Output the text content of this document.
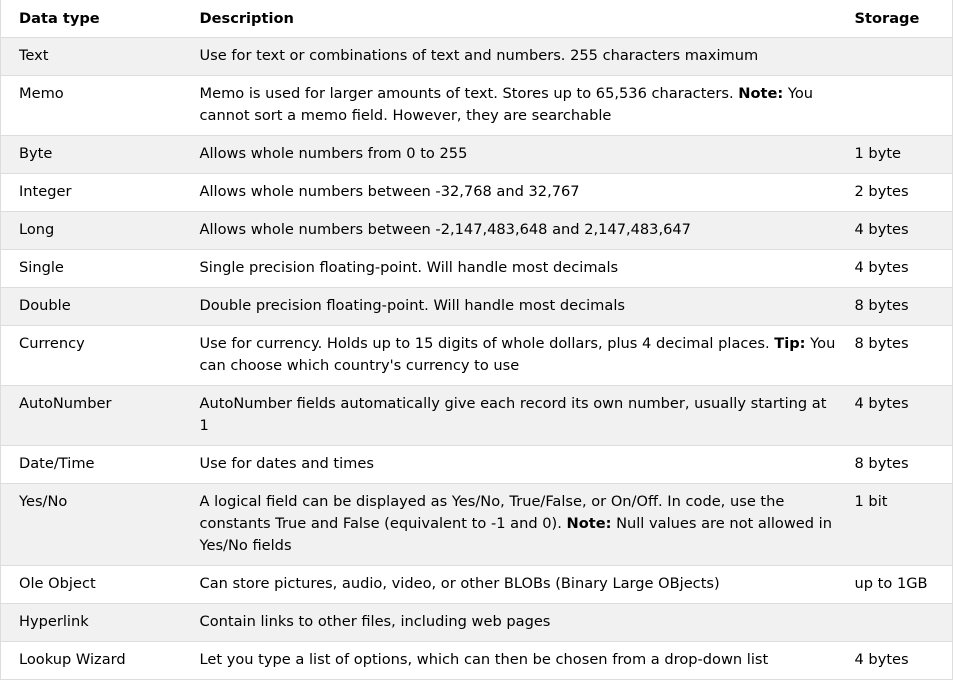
Data type	Description	Storage
Text	Use for text or combinations of text and numbers. 255 characters maximum	
Memo	Memo is used for larger amounts of text. Stores up to 65,536 characters. Note: You cannot sort a memo field. However, they are searchable	
Byte	Allows whole numbers from 0 to 255	1 byte
Integer	Allows whole numbers between -32,768 and 32,767	2 bytes
Long	Allows whole numbers between -2,147,483,648 and 2,147,483,647	4 bytes
Single	Single precision floating-point. Will handle most decimals	4 bytes
Double	Double precision floating-point. Will handle most decimals	8 bytes
Currency	Use for currency. Holds up to 15 digits of whole dollars, plus 4 decimal places. Tip: You can choose which country's currency to use	8 bytes
AutoNumber	AutoNumber fields automatically give each record its own number, usually starting at 1	4 bytes
Date/Time	Use for dates and times	8 bytes
Yes/No	A logical field can be displayed as Yes/No, True/False, or On/Off. In code, use the constants True and False (equivalent to -1 and 0). Note: Null values are not allowed in Yes/No fields	1 bit
Ole Object	Can store pictures, audio, video, or other BLOBs (Binary Large OBjects)	up to 1GB
Hyperlink	Contain links to other files, including web pages	
Lookup Wizard	Let you type a list of options, which can then be chosen from a drop-down list	4 bytes
